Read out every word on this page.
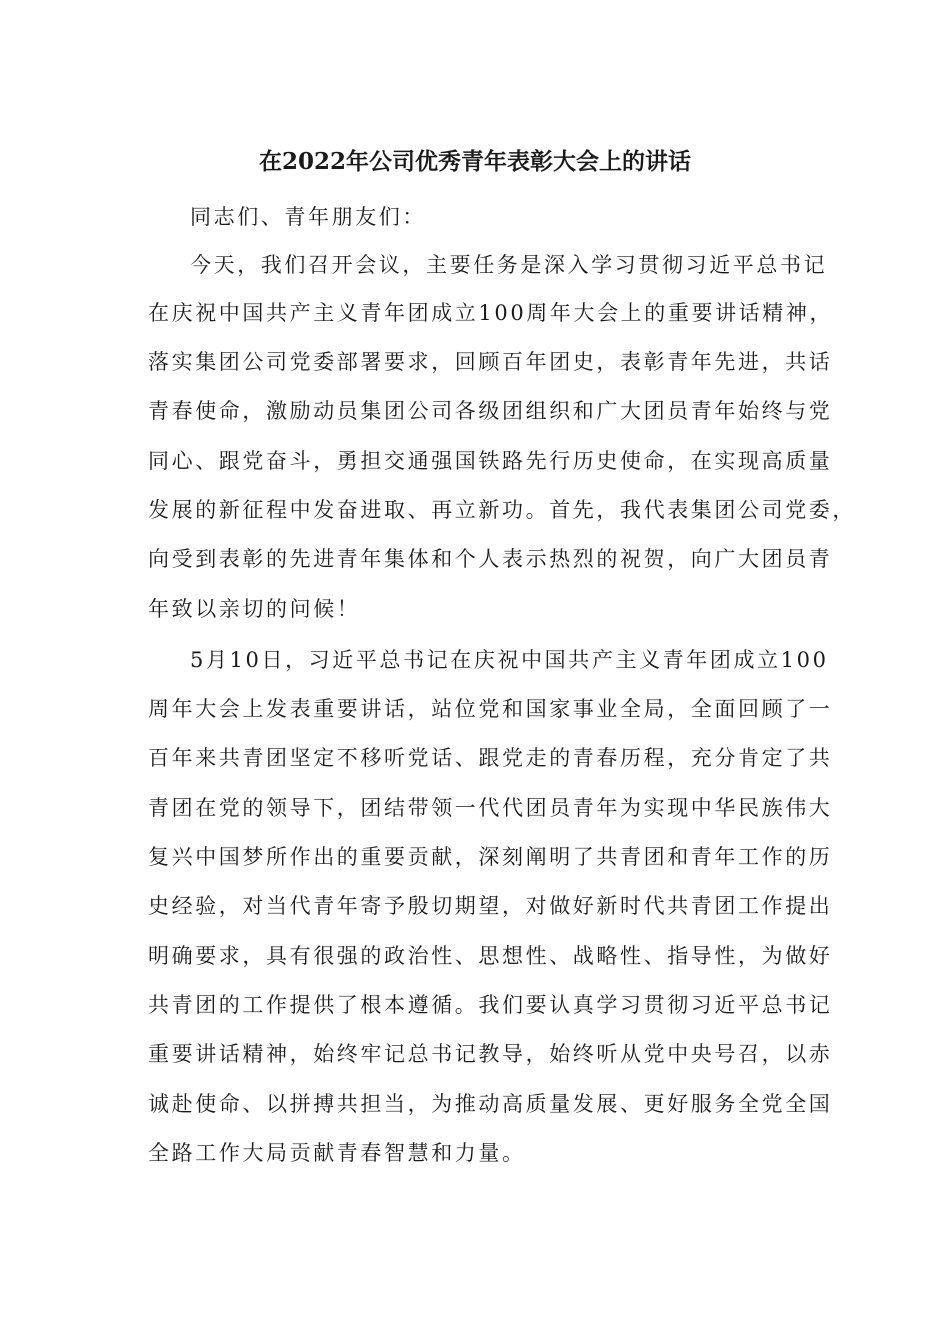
在2022年公司优秀青年表彰大会上的讲话

同志们、青年朋友们：

今天，我们召开会议，主要任务是深入学习贯彻习近平总书记

在庆祝中国共产主义青年团成立100周年大会上的重要讲话精神，

落实集团公司党委部署要求，回顾百年团史，表彰青年先进，共话

青春使命，激励动员集团公司各级团组织和广大团员青年始终与党

同心、跟党奋斗，勇担交通强国铁路先行历史使命，在实现高质量

发展的新征程中发奋进取、再立新功。首先，我代表集团公司党委，

向受到表彰的先进青年集体和个人表示热烈的祝贺，向广大团员青

年致以亲切的问候！

5月10日，习近平总书记在庆祝中国共产主义青年团成立100

周年大会上发表重要讲话，站位党和国家事业全局，全面回顾了一

百年来共青团坚定不移听党话、跟党走的青春历程，充分肯定了共

青团在党的领导下，团结带领一代代团员青年为实现中华民族伟大

复兴中国梦所作出的重要贡献，深刻阐明了共青团和青年工作的历

史经验，对当代青年寄予殷切期望，对做好新时代共青团工作提出

明确要求，具有很强的政治性、思想性、战略性、指导性，为做好

共青团的工作提供了根本遵循。我们要认真学习贯彻习近平总书记

重要讲话精神，始终牢记总书记教导，始终听从党中央号召，以赤

诚赴使命、以拼搏共担当，为推动高质量发展、更好服务全党全国

全路工作大局贡献青春智慧和力量。
